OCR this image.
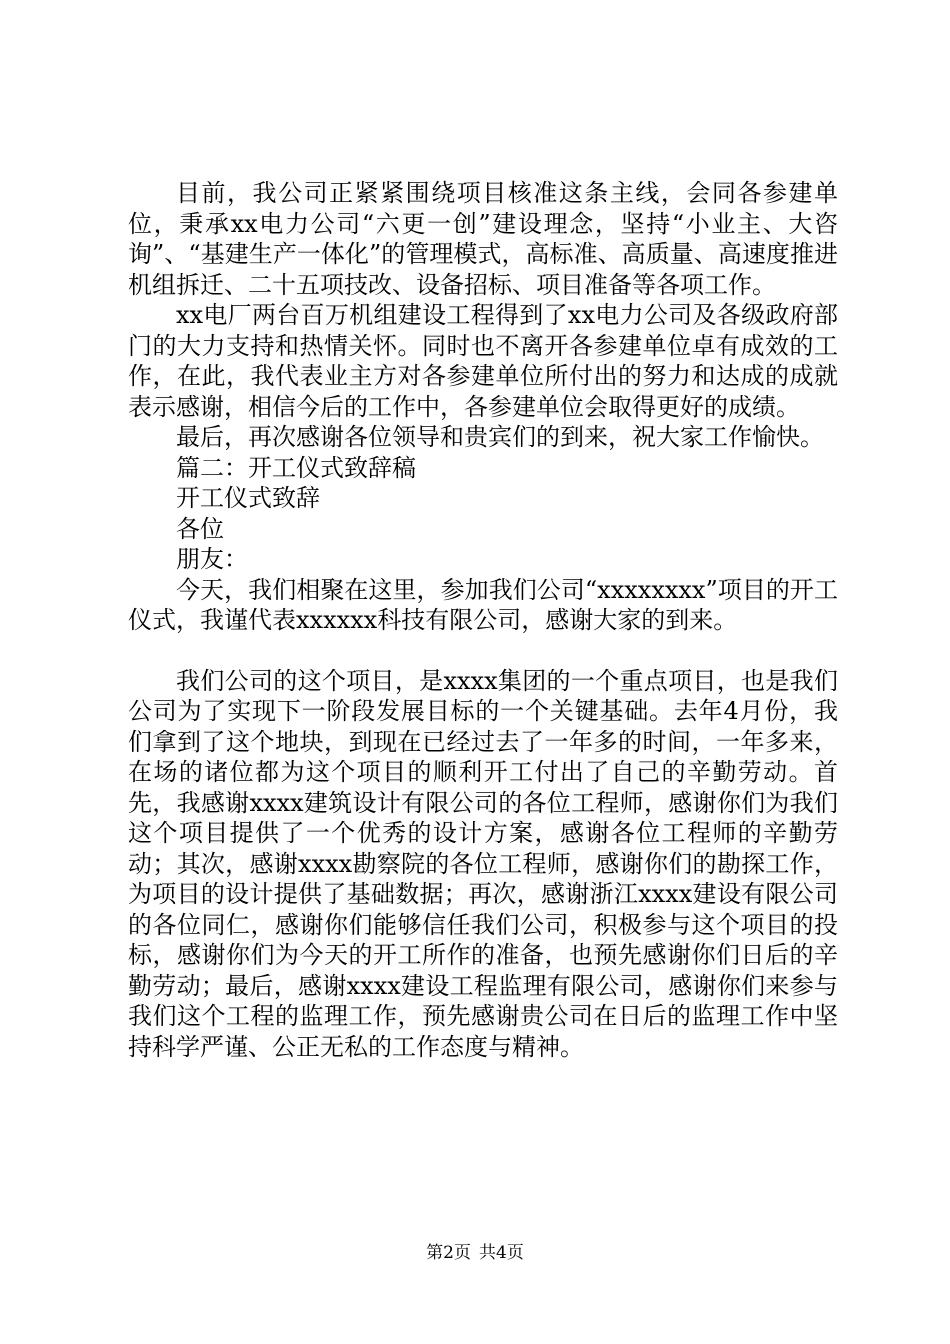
目前，我公司正紧紧围绕项目核准这条主线，会同各参建单位，秉承xx电力公司“六更一创”建设理念，坚持“小业主、大咨询”、“基建生产一体化”的管理模式，高标准、高质量、高速度推进机组拆迁、二十五项技改、设备招标、项目准备等各项工作。

xx电厂两台百万机组建设工程得到了xx电力公司及各级政府部门的大力支持和热情关怀。同时也不离开各参建单位卓有成效的工作，在此，我代表业主方对各参建单位所付出的努力和达成的成就表示感谢，相信今后的工作中，各参建单位会取得更好的成绩。

最后，再次感谢各位领导和贵宾们的到来，祝大家工作愉快。

篇二：开工仪式致辞稿

开工仪式致辞

各位

朋友：

今天，我们相聚在这里，参加我们公司“xxxxxxxx”项目的开工仪式，我谨代表xxxxxx科技有限公司，感谢大家的到来。

我们公司的这个项目，是xxxx集团的一个重点项目，也是我们公司为了实现下一阶段发展目标的一个关键基础。去年4月份，我们拿到了这个地块，到现在已经过去了一年多的时间，一年多来，在场的诸位都为这个项目的顺利开工付出了自己的辛勤劳动。首先，我感谢xxxx建筑设计有限公司的各位工程师，感谢你们为我们这个项目提供了一个优秀的设计方案，感谢各位工程师的辛勤劳动；其次，感谢xxxx勘察院的各位工程师，感谢你们的勘探工作，为项目的设计提供了基础数据；再次，感谢浙江xxxx建设有限公司的各位同仁，感谢你们能够信任我们公司，积极参与这个项目的投标，感谢你们为今天的开工所作的准备，也预先感谢你们日后的辛勤劳动；最后，感谢xxxx建设工程监理有限公司，感谢你们来参与我们这个工程的监理工作，预先感谢贵公司在日后的监理工作中坚持科学严谨、公正无私的工作态度与精神。

第2页 共4页
